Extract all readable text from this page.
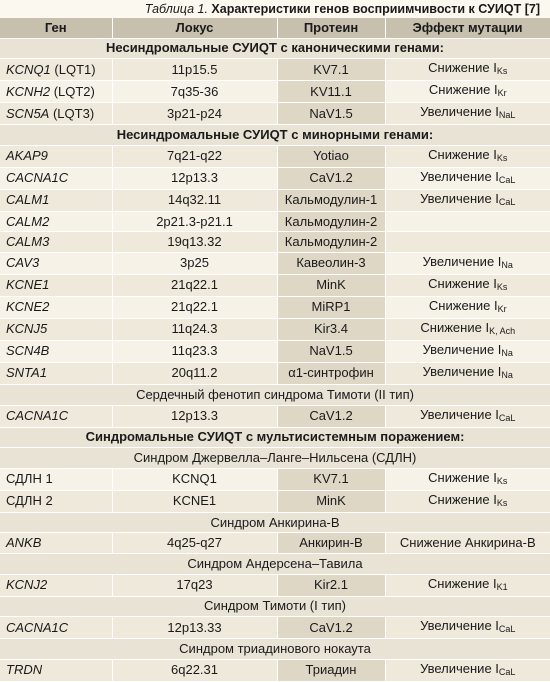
Таблица 1. Характеристики генов восприимчивости к СУИQT [7]
Ген	Локус	Протеин	Эффект мутации
Несиндромальные СУИQT с каноническими генами:			
KCNQ1 (LQT1)	11p15.5	KV7.1	Снижение $I_{Ks}$
KCNH2 (LQT2)	7q35-36	KV11.1	Снижение $I_{Kr}$
SCN5A (LQT3)	3p21-p24	NaV1.5	Увеличение $I_{NaL}$
Несиндромальные СУИQT с минорными генами:			
AKAP9	7q21-q22	Yotiao	Снижение $I_{Ks}$
CACNA1C	12p13.3	CaV1.2	Увеличение $I_{CaL}$
CALM1	14q32.11	Кальмодулин-1	Увеличение $I_{CaL}$
CALM2	2p21.3-p21.1	Кальмодулин-2	
CALM3	19q13.32	Кальмодулин-2	
CAV3	3p25	Кавеолин-3	Увеличение $I_{Na}$
KCNE1	21q22.1	MinK	Снижение $I_{Ks}$
KCNE2	21q22.1	MiRP1	Снижение $I_{Kr}$
KCNJ5	11q24.3	Kir3.4	Снижение $I_{K, Ach}$
SCN4B	11q23.3	NaV1.5	Увеличение $I_{Na}$
SNTA1	20q11.2	α1-синтрофин	Увеличение $I_{Na}$
Сердечный фенотип синдрома Тимоти (II тип)			
CACNA1C	12p13.3	CaV1.2	Увеличение $I_{CaL}$
Синдромальные СУИQT с мультисистемным поражением:			
Синдром Джервелла–Ланге–Нильсена (СДЛН)			
СДЛН 1	KCNQ1	KV7.1	Снижение $I_{Ks}$
СДЛН 2	KCNE1	MinK	Снижение $I_{Ks}$
Синдром Анкирина-B			
ANKB	4q25-q27	Анкирин-B	Снижение Анкирина-B
Синдром Андерсена–Тавила			
KCNJ2	17q23	Kir2.1	Снижение $I_{K1}$
Синдром Тимоти (I тип)			
CACNA1C	12p13.33	CaV1.2	Увеличение $I_{CaL}$
Синдром триадинового нокаута			
TRDN	6q22.31	Триадин	Увеличение $I_{CaL}$
